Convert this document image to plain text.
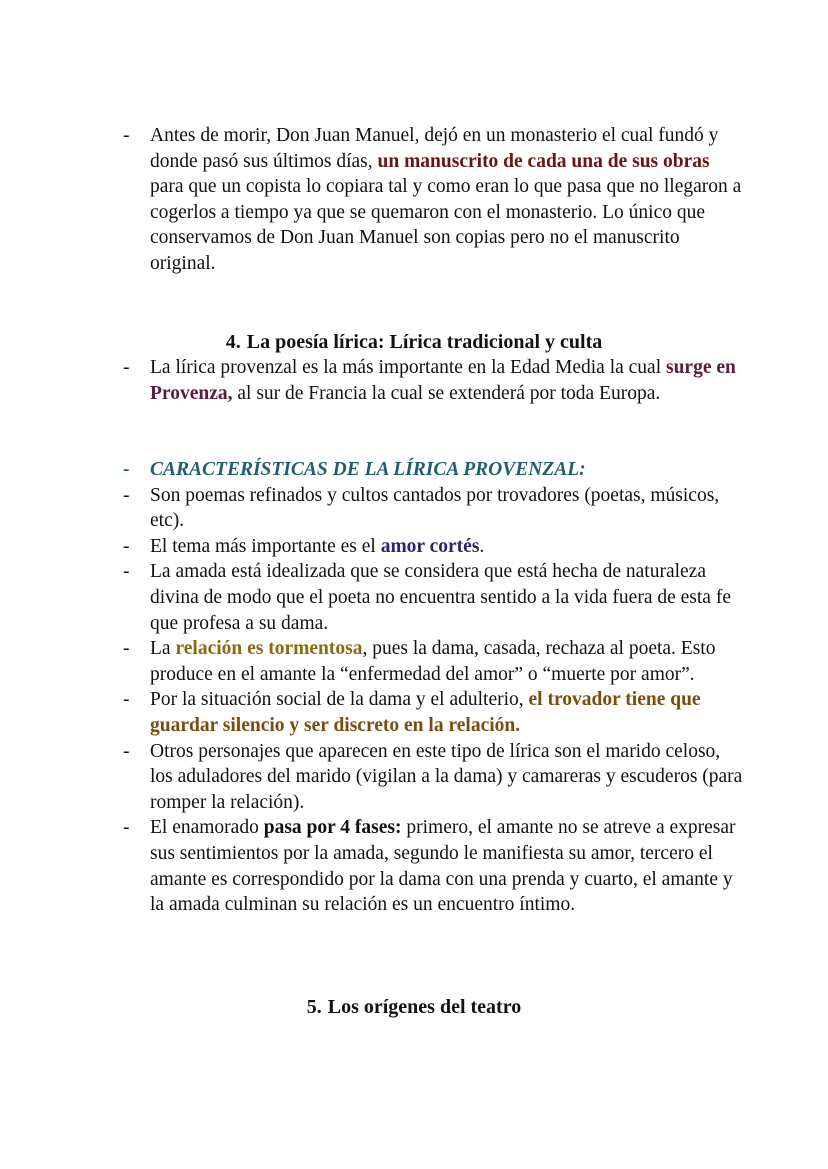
-	Antes de morir, Don Juan Manuel, dejó en un monasterio el cual fundó y donde pasó sus últimos días, un manuscrito de cada una de sus obras para que un copista lo copiara tal y como eran lo que pasa que no llegaron a cogerlos a tiempo ya que se quemaron con el monasterio. Lo único que conservamos de Don Juan Manuel son copias pero no el manuscrito original.
4. La poesía lírica: Lírica tradicional y culta
-	La lírica provenzal es la más importante en la Edad Media la cual surge en Provenza, al sur de Francia la cual se extenderá por toda Europa.
-	CARACTERÍSTICAS DE LA LÍRICA PROVENZAL:
-	Son poemas refinados y cultos cantados por trovadores (poetas, músicos, etc).
-	El tema más importante es el amor cortés.
-	La amada está idealizada que se considera que está hecha de naturaleza divina de modo que el poeta no encuentra sentido a la vida fuera de esta fe que profesa a su dama.
-	La relación es tormentosa, pues la dama, casada, rechaza al poeta. Esto produce en el amante la “enfermedad del amor” o “muerte por amor”.
-	Por la situación social de la dama y el adulterio, el trovador tiene que guardar silencio y ser discreto en la relación.
-	Otros personajes que aparecen en este tipo de lírica son el marido celoso, los aduladores del marido (vigilan a la dama) y camareras y escuderos (para romper la relación).
-	El enamorado pasa por 4 fases: primero, el amante no se atreve a expresar sus sentimientos por la amada, segundo le manifiesta su amor, tercero el amante es correspondido por la dama con una prenda y cuarto, el amante y la amada culminan su relación es un encuentro íntimo.
5. Los orígenes del teatro
